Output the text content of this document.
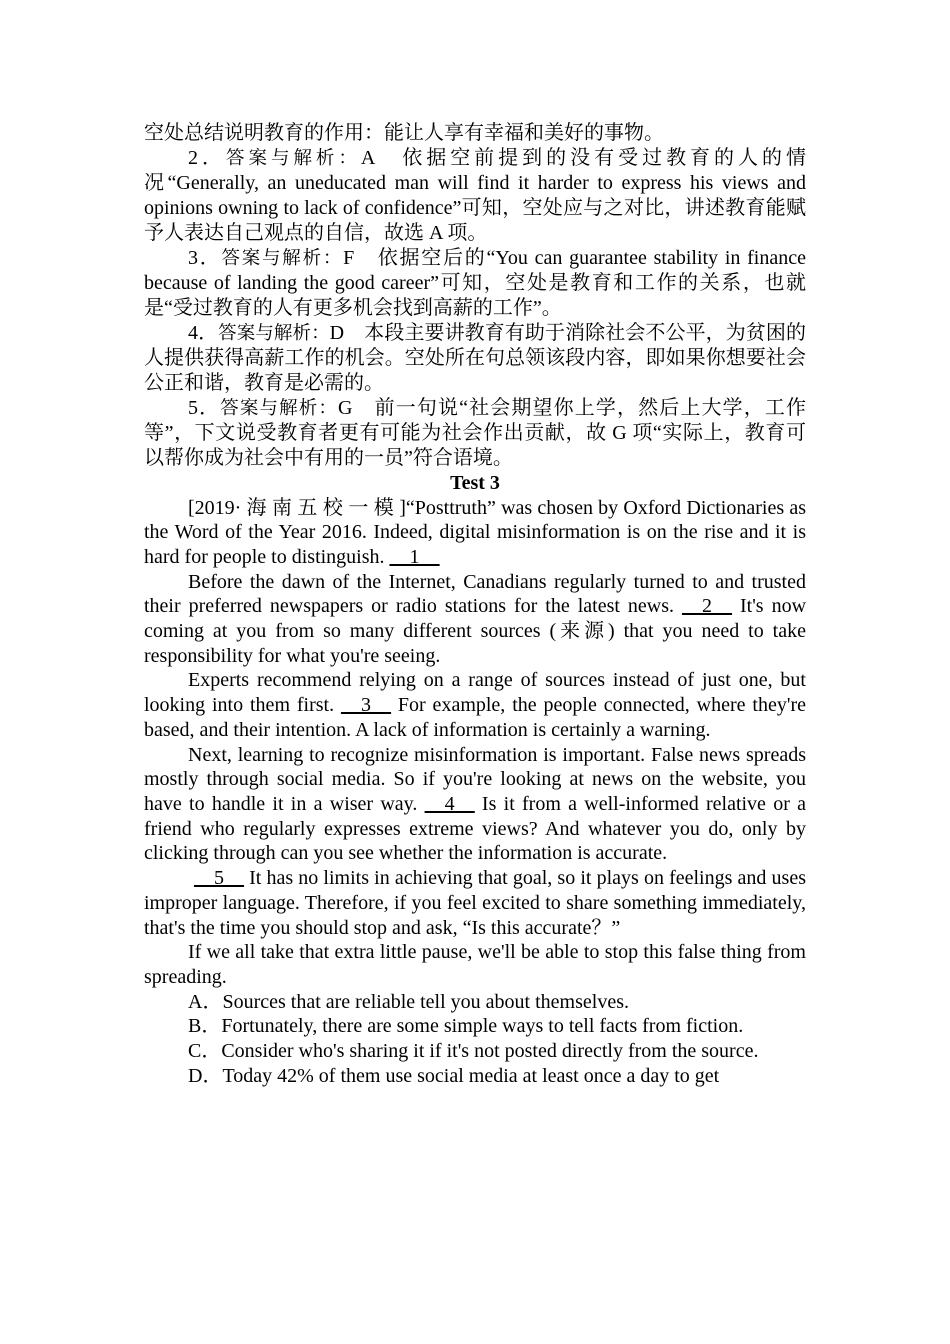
空处总结说明教育的作用：能让人享有幸福和美好的事物。

2．答案与解析：A　依据空前提到的没有受过教育的人的情况“Generally, an uneducated man will find it harder to express his views and opinions owning to lack of confidence”可知，空处应与之对比，讲述教育能赋予人表达自己观点的自信，故选 A 项。

3．答案与解析：F　依据空后的“You can guarantee stability in finance because of landing the good career”可知，空处是教育和工作的关系，也就是“受过教育的人有更多机会找到高薪的工作”。

4．答案与解析：D　本段主要讲教育有助于消除社会不公平，为贫困的人提供获得高薪工作的机会。空处所在句总领该段内容，即如果你想要社会公正和谐，教育是必需的。

5．答案与解析：G　前一句说“社会期望你上学，然后上大学，工作等”，下文说受教育者更有可能为社会作出贡献，故 G 项“实际上，教育可以帮你成为社会中有用的一员”符合语境。

Test 3

[2019· 海 南 五 校 一 模 ]“Posttruth” was chosen by Oxford Dictionaries as the Word of the Year 2016. Indeed, digital misinformation is on the rise and it is hard for people to distinguish. __1__

Before the dawn of the Internet, Canadians regularly turned to and trusted their preferred newspapers or radio stations for the latest news. __2__ It's now coming at you from so many different sources (来源) that you need to take responsibility for what you're seeing.

Experts recommend relying on a range of sources instead of just one, but looking into them first. __3__ For example, the people connected, where they're based, and their intention. A lack of information is certainly a warning.

Next, learning to recognize misinformation is important. False news spreads mostly through social media. So if you're looking at news on the website, you have to handle it in a wiser way. __4__ Is it from a well-informed relative or a friend who regularly expresses extreme views? And whatever you do, only by clicking through can you see whether the information is accurate.

__5__ It has no limits in achieving that goal, so it plays on feelings and uses improper language. Therefore, if you feel excited to share something immediately, that's the time you should stop and ask, “Is this accurate？”

If we all take that extra little pause, we'll be able to stop this false thing from spreading.

A．Sources that are reliable tell you about themselves.

B．Fortunately, there are some simple ways to tell facts from fiction.

C．Consider who's sharing it if it's not posted directly from the source.

D．Today 42% of them use social media at least once a day to get
